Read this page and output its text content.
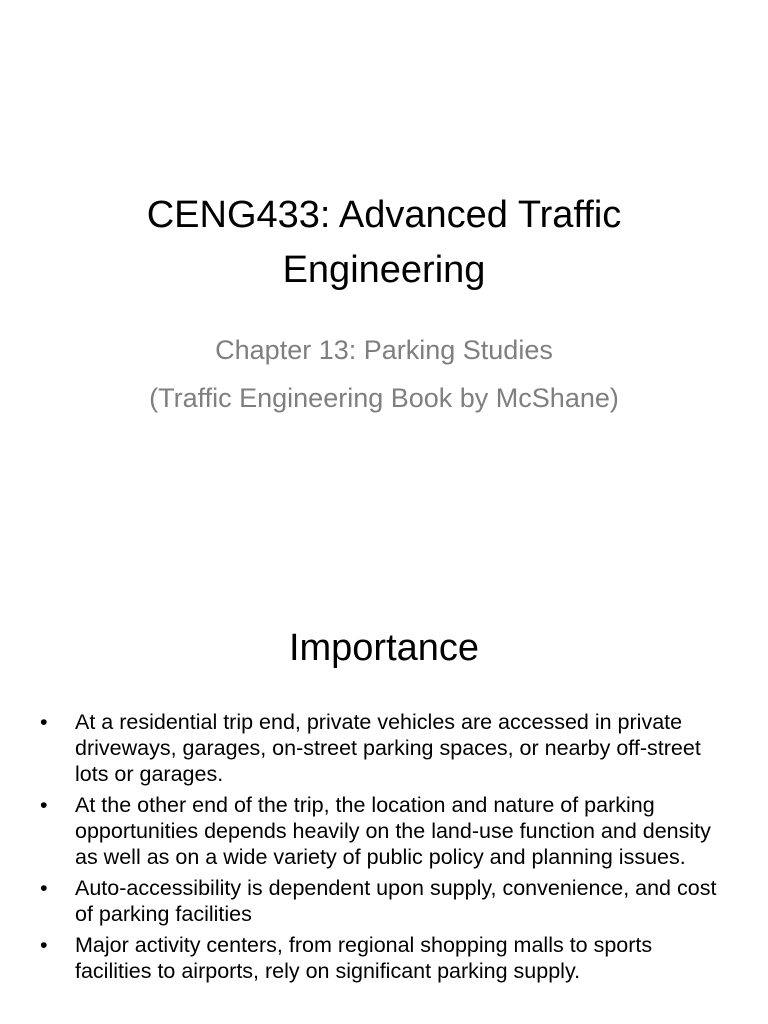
CENG433: Advanced Traffic Engineering
Chapter 13: Parking Studies
(Traffic Engineering Book by McShane)
Importance
•	At a residential trip end, private vehicles are accessed in private driveways, garages, on-street parking spaces, or nearby off-street lots or garages.
•	At the other end of the trip, the location and nature of parking opportunities depends heavily on the land-use function and density as well as on a wide variety of public policy and planning issues.
•	Auto-accessibility is dependent upon supply, convenience, and cost of parking facilities
•	Major activity centers, from regional shopping malls to sports facilities to airports, rely on significant parking supply.
